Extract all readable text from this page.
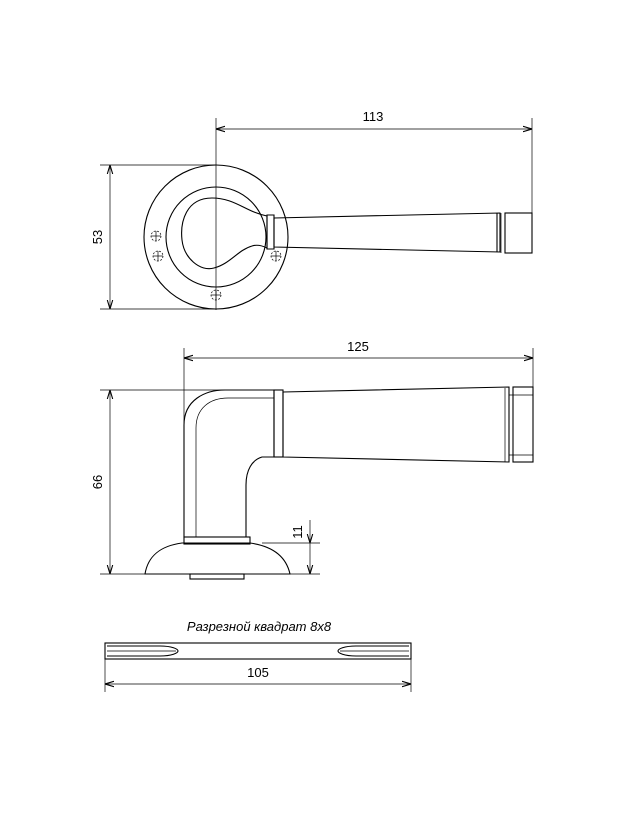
113
53
125
66
11
Разрезной квадрат 8х8
105
